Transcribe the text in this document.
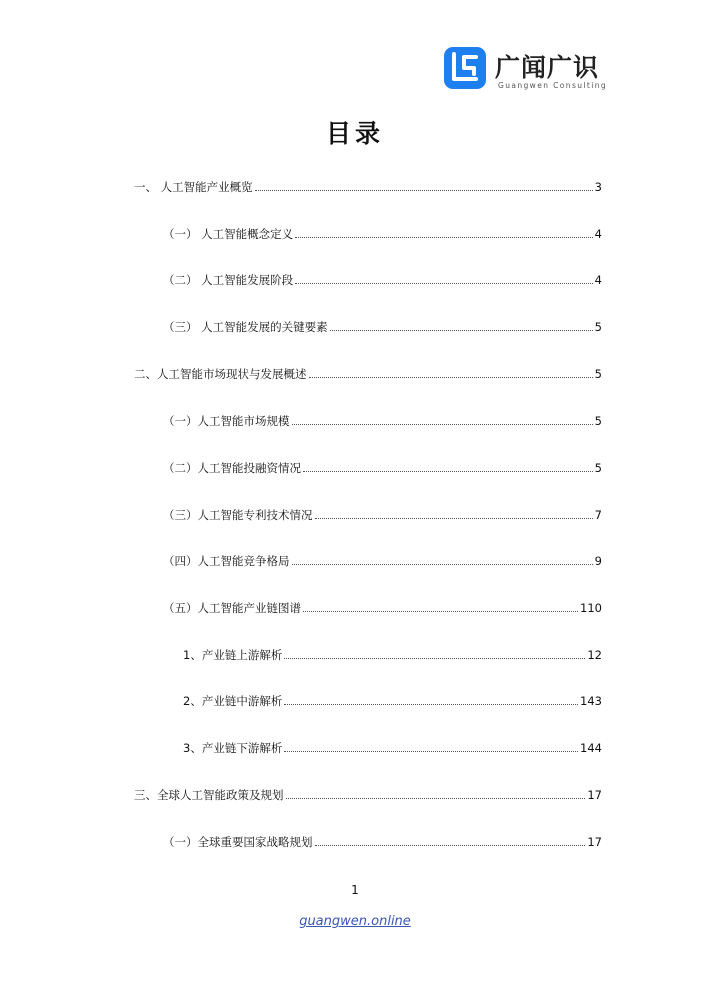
广闻广识
Guangwen Consulting
目录
一、 人工智能产业概览	3
（一） 人工智能概念定义	4
（二） 人工智能发展阶段	4
（三） 人工智能发展的关键要素	5
二、人工智能市场现状与发展概述	5
（一）人工智能市场规模	5
（二）人工智能投融资情况	5
（三）人工智能专利技术情况	7
（四）人工智能竞争格局	9
（五）人工智能产业链图谱	110
1、产业链上游解析	12
2、产业链中游解析	143
3、产业链下游解析	144
三、全球人工智能政策及规划	17
（一）全球重要国家战略规划	17
1
guangwen.online
